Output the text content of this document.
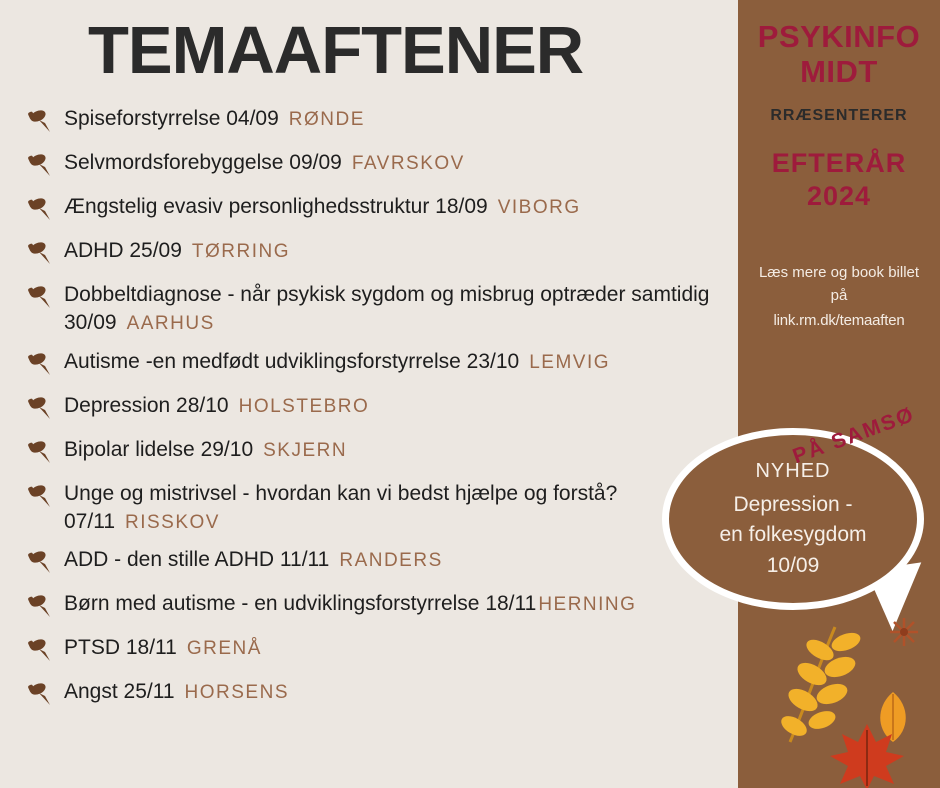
PSYKINFO MIDT
RRÆSENTERER
EFTERÅR 2024
Læs mere og book billet på
link.rm.dk/temaaften
TEMAAFTENER
Spiseforstyrrelse 04/09 RØNDE
Selvmordsforebyggelse 09/09 FAVRSKOV
Ængstelig evasiv personlighedsstruktur 18/09 VIBORG
ADHD 25/09 TØRRING
Dobbeltdiagnose - når psykisk sygdom og misbrug optræder samtidig 30/09 AARHUS
Autisme -en medfødt udviklingsforstyrrelse 23/10 LEMVIG
Depression 28/10 HOLSTEBRO
Bipolar lidelse 29/10 SKJERN
Unge og mistrivsel - hvordan kan vi bedst hjælpe og forstå? 07/11 RISSKOV
ADD - den stille ADHD 11/11 RANDERS
Børn med autisme - en udviklingsforstyrrelse 18/11 HERNING
PTSD 18/11 GRENÅ
Angst 25/11 HORSENS
NYHED
Depression -
en folkesygdom
10/09
PÅ SAMSØ
